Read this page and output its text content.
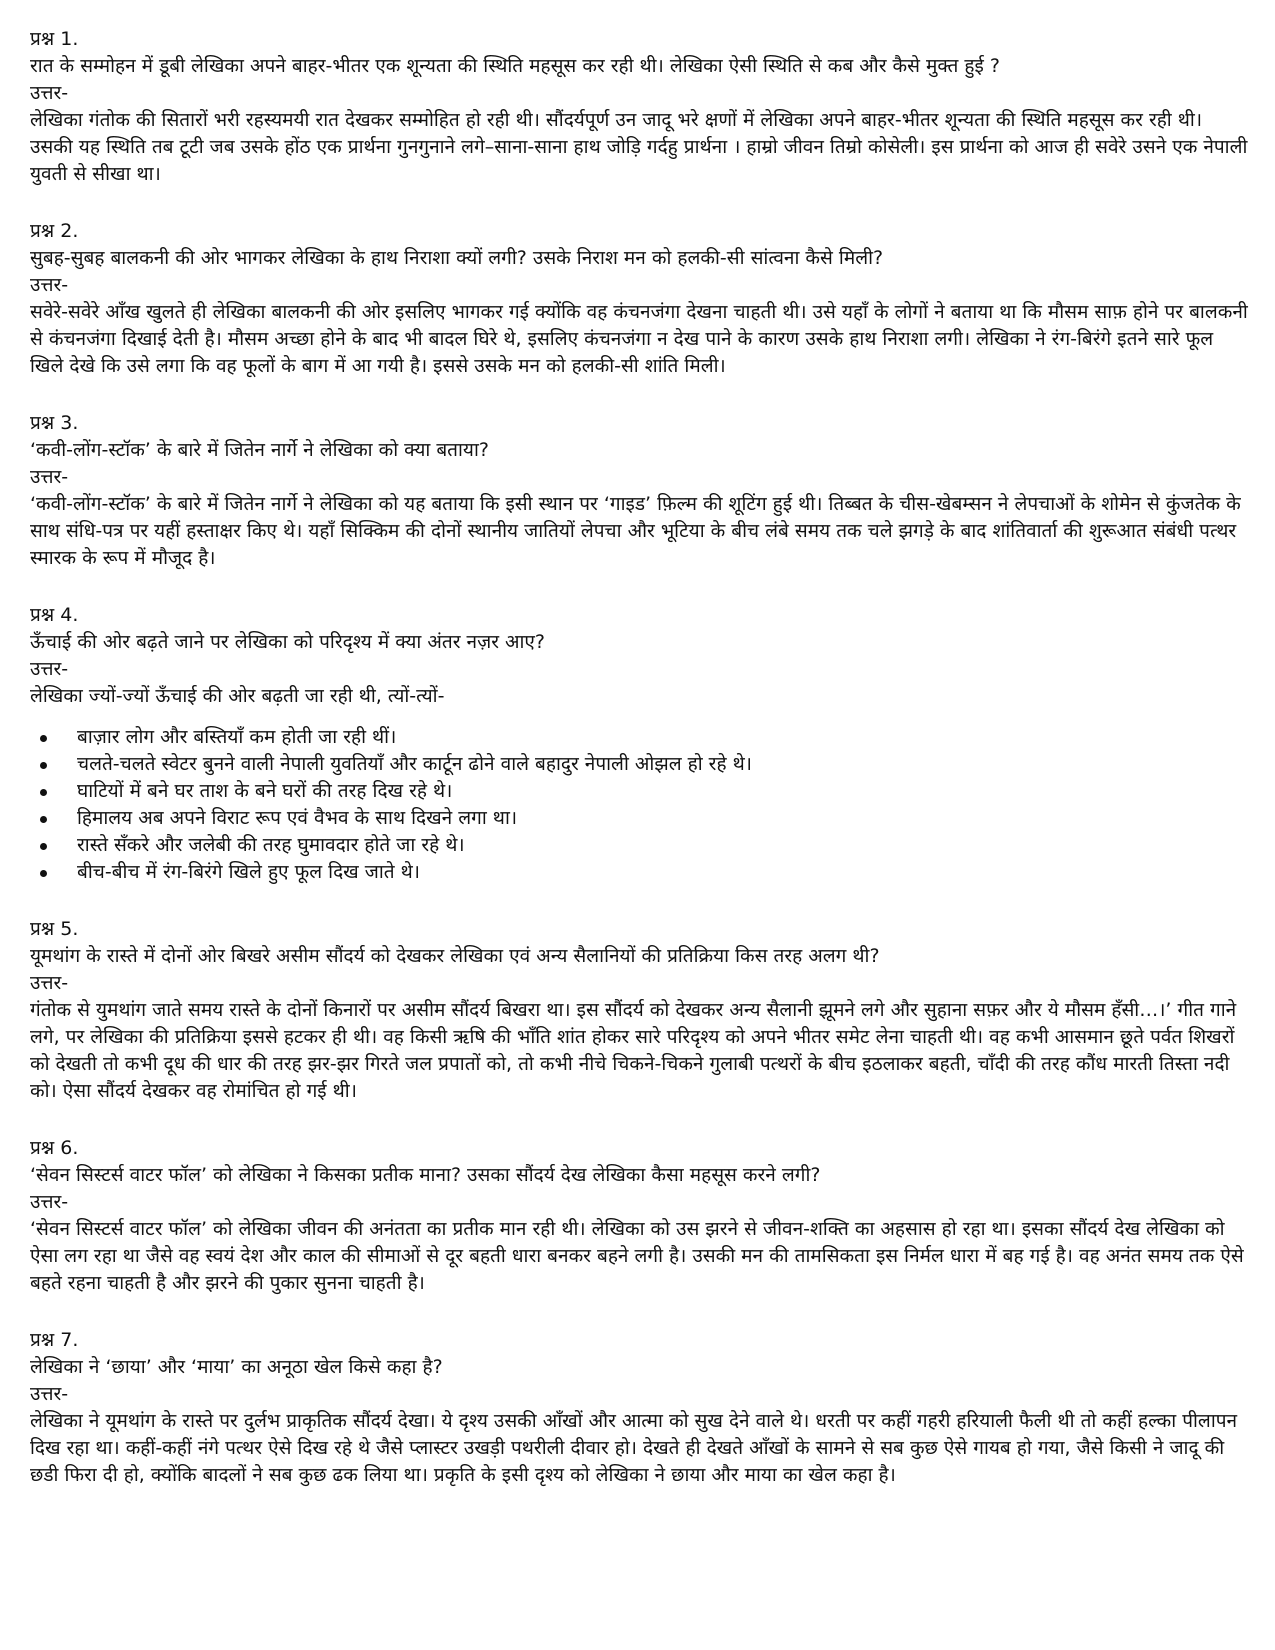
प्रश्न 1.

रात के सम्मोहन में डूबी लेखिका अपने बाहर-भीतर एक शून्यता की स्थिति महसूस कर रही थी। लेखिका ऐसी स्थिति से कब और कैसे मुक्त हुई ?

उत्तर-

लेखिका गंतोक की सितारों भरी रहस्यमयी रात देखकर सम्मोहित हो रही थी। सौंदर्यपूर्ण उन जादू भरे क्षणों में लेखिका अपने बाहर-भीतर शून्यता की स्थिति महसूस कर रही थी। उसकी यह स्थिति तब टूटी जब उसके होंठ एक प्रार्थना गुनगुनाने लगे–साना-साना हाथ जोड़ि गर्दहु प्रार्थना । हाम्रो जीवन तिम्रो कोसेली। इस प्रार्थना को आज ही सवेरे उसने एक नेपाली युवती से सीखा था।

प्रश्न 2.

सुबह-सुबह बालकनी की ओर भागकर लेखिका के हाथ निराशा क्यों लगी? उसके निराश मन को हलकी-सी सांत्वना कैसे मिली?

उत्तर-

सवेरे-सवेरे आँख खुलते ही लेखिका बालकनी की ओर इसलिए भागकर गई क्योंकि वह कंचनजंगा देखना चाहती थी। उसे यहाँ के लोगों ने बताया था कि मौसम साफ़ होने पर बालकनी से कंचनजंगा दिखाई देती है। मौसम अच्छा होने के बाद भी बादल घिरे थे, इसलिए कंचनजंगा न देख पाने के कारण उसके हाथ निराशा लगी। लेखिका ने रंग-बिरंगे इतने सारे फूल खिले देखे कि उसे लगा कि वह फूलों के बाग में आ गयी है। इससे उसके मन को हलकी-सी शांति मिली।

प्रश्न 3.

‘कवी-लोंग-स्टॉक’ के बारे में जितेन नार्गे ने लेखिका को क्या बताया?

उत्तर-

‘कवी-लोंग-स्टॉक’ के बारे में जितेन नार्गे ने लेखिका को यह बताया कि इसी स्थान पर ‘गाइड’ फ़िल्म की शूटिंग हुई थी। तिब्बत के चीस-खेबम्सन ने लेपचाओं के शोमेन से कुंजतेक के साथ संधि-पत्र पर यहीं हस्ताक्षर किए थे। यहाँ सिक्किम की दोनों स्थानीय जातियों लेपचा और भूटिया के बीच लंबे समय तक चले झगड़े के बाद शांतिवार्ता की शुरूआत संबंधी पत्थर स्मारक के रूप में मौजूद है।

प्रश्न 4.

ऊँचाई की ओर बढ़ते जाने पर लेखिका को परिदृश्य में क्या अंतर नज़र आए?

उत्तर-

लेखिका ज्यों-ज्यों ऊँचाई की ओर बढ़ती जा रही थी, त्यों-त्यों-

बाज़ार लोग और बस्तियाँ कम होती जा रही थीं।
चलते-चलते स्वेटर बुनने वाली नेपाली युवतियाँ और कार्टून ढोने वाले बहादुर नेपाली ओझल हो रहे थे।
घाटियों में बने घर ताश के बने घरों की तरह दिख रहे थे।
हिमालय अब अपने विराट रूप एवं वैभव के साथ दिखने लगा था।
रास्ते सँकरे और जलेबी की तरह घुमावदार होते जा रहे थे।
बीच-बीच में रंग-बिरंगे खिले हुए फूल दिख जाते थे।

प्रश्न 5.

यूमथांग के रास्ते में दोनों ओर बिखरे असीम सौंदर्य को देखकर लेखिका एवं अन्य सैलानियों की प्रतिक्रिया किस तरह अलग थी?

उत्तर-

गंतोक से युमथांग जाते समय रास्ते के दोनों किनारों पर असीम सौंदर्य बिखरा था। इस सौंदर्य को देखकर अन्य सैलानी झूमने लगे और सुहाना सफ़र और ये मौसम हँसी…।’ गीत गाने लगे, पर लेखिका की प्रतिक्रिया इससे हटकर ही थी। वह किसी ऋषि की भाँति शांत होकर सारे परिदृश्य को अपने भीतर समेट लेना चाहती थी। वह कभी आसमान छूते पर्वत शिखरों को देखती तो कभी दूध की धार की तरह झर-झर गिरते जल प्रपातों को, तो कभी नीचे चिकने-चिकने गुलाबी पत्थरों के बीच इठलाकर बहती, चाँदी की तरह कौंध मारती तिस्ता नदी को। ऐसा सौंदर्य देखकर वह रोमांचित हो गई थी।

प्रश्न 6.

‘सेवन सिस्टर्स वाटर फॉल’ को लेखिका ने किसका प्रतीक माना? उसका सौंदर्य देख लेखिका कैसा महसूस करने लगी?

उत्तर-

‘सेवन सिस्टर्स वाटर फॉल’ को लेखिका जीवन की अनंतता का प्रतीक मान रही थी। लेखिका को उस झरने से जीवन-शक्ति का अहसास हो रहा था। इसका सौंदर्य देख लेखिका को ऐसा लग रहा था जैसे वह स्वयं देश और काल की सीमाओं से दूर बहती धारा बनकर बहने लगी है। उसकी मन की तामसिकता इस निर्मल धारा में बह गई है। वह अनंत समय तक ऐसे बहते रहना चाहती है और झरने की पुकार सुनना चाहती है।

प्रश्न 7.

लेखिका ने ‘छाया’ और ‘माया’ का अनूठा खेल किसे कहा है?

उत्तर-

लेखिका ने यूमथांग के रास्ते पर दुर्लभ प्राकृतिक सौंदर्य देखा। ये दृश्य उसकी आँखों और आत्मा को सुख देने वाले थे। धरती पर कहीं गहरी हरियाली फैली थी तो कहीं हल्का पीलापन दिख रहा था। कहीं-कहीं नंगे पत्थर ऐसे दिख रहे थे जैसे प्लास्टर उखड़ी पथरीली दीवार हो। देखते ही देखते आँखों के सामने से सब कुछ ऐसे गायब हो गया, जैसे किसी ने जादू की छडी फिरा दी हो, क्योंकि बादलों ने सब कुछ ढक लिया था। प्रकृति के इसी दृश्य को लेखिका ने छाया और माया का खेल कहा है।
